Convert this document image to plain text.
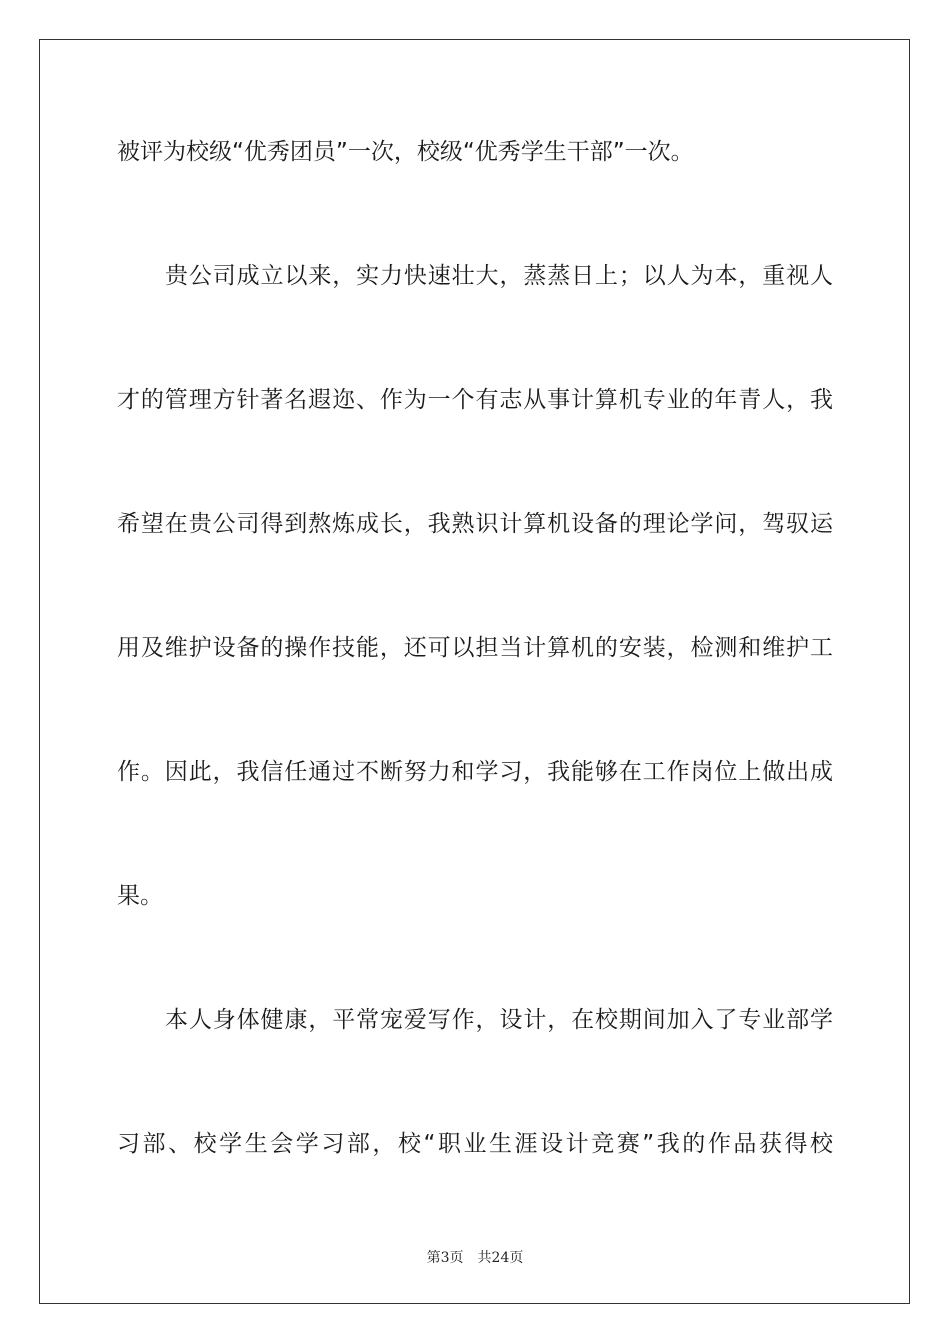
被评为校级“优秀团员”一次，校级“优秀学生干部”一次。
贵公司成立以来，实力快速壮大，蒸蒸日上；以人为本，重视人
才的管理方针著名遐迩、作为一个有志从事计算机专业的年青人，我
希望在贵公司得到熬炼成长，我熟识计算机设备的理论学问，驾驭运
用及维护设备的操作技能，还可以担当计算机的安装，检测和维护工
作。因此，我信任通过不断努力和学习，我能够在工作岗位上做出成
果。
本人身体健康，平常宠爱写作，设计，在校期间加入了专业部学
习部、校学生会学习部，校“职业生涯设计竞赛”我的作品获得校
第3页 共24页
